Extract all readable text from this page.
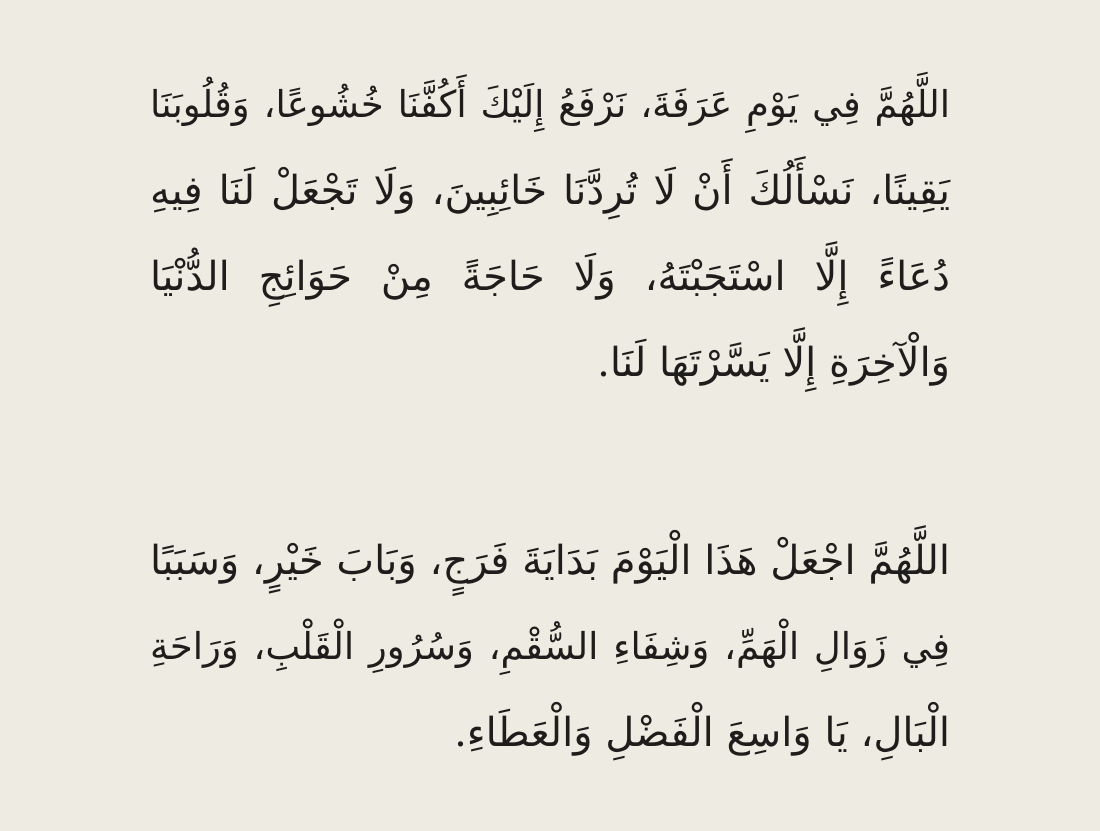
اللَّهُمَّ فِي يَوْمِ عَرَفَةَ، نَرْفَعُ إِلَيْكَ أَكُفَّنَا خُشُوعًا، وَقُلُوبَنَا
يَقِينًا، نَسْأَلُكَ أَنْ لَا تُرِدَّنَا خَائِبِينَ، وَلَا تَجْعَلْ لَنَا فِيهِ
دُعَاءً إِلَّا اسْتَجَبْتَهُ، وَلَا حَاجَةً مِنْ حَوَائِجِ الدُّنْيَا
وَالْآخِرَةِ إِلَّا يَسَّرْتَهَا لَنَا.
اللَّهُمَّ اجْعَلْ هَذَا الْيَوْمَ بَدَايَةَ فَرَجٍ، وَبَابَ خَيْرٍ، وَسَبَبًا
فِي زَوَالِ الْهَمِّ، وَشِفَاءِ السُّقْمِ، وَسُرُورِ الْقَلْبِ، وَرَاحَةِ
الْبَالِ، يَا وَاسِعَ الْفَضْلِ وَالْعَطَاءِ.
